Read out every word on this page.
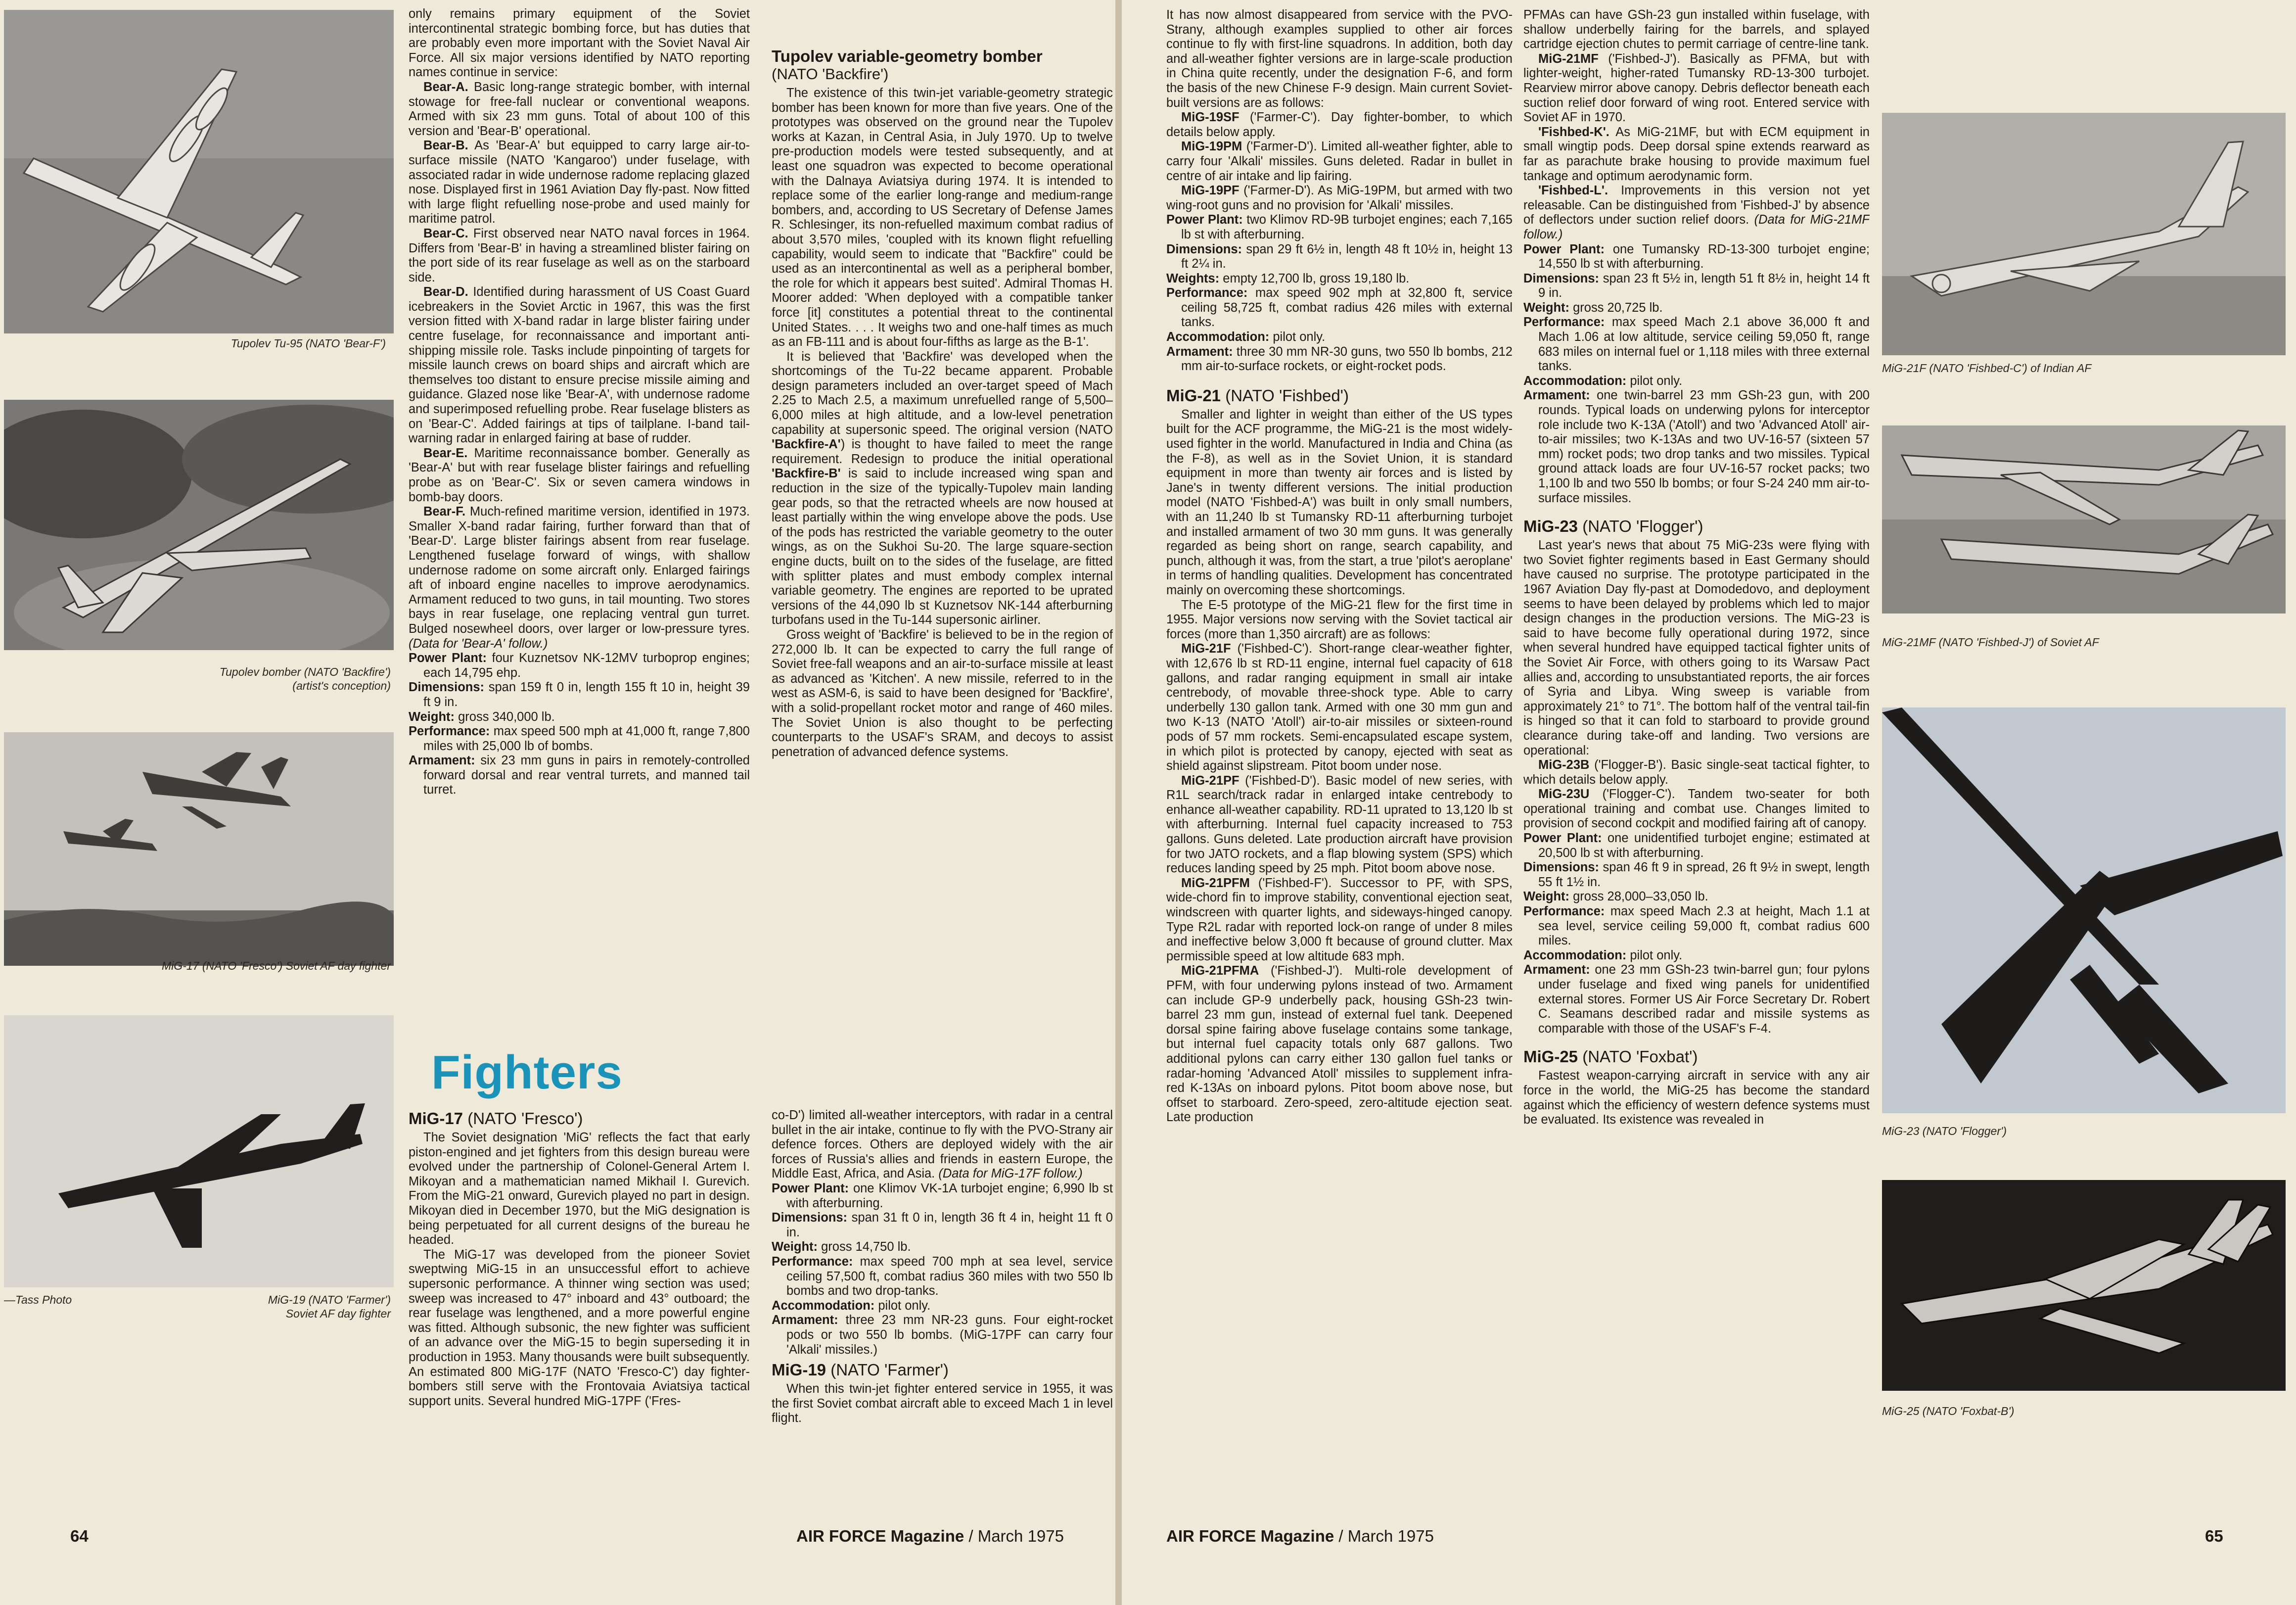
Tupolev Tu-95 (NATO 'Bear-F')
Tupolev bomber (NATO 'Backfire')
(artist's conception)
MiG-17 (NATO 'Fresco') Soviet AF day fighter
—Tass Photo	MiG-19 (NATO 'Farmer')
Soviet AF day fighter

only remains primary equipment of the Soviet intercontinental strategic bombing force, but has duties that are probably even more important with the Soviet Naval Air Force. All six major versions identified by NATO reporting names continue in service:

Bear-A. Basic long-range strategic bomber, with internal stowage for free-fall nuclear or conventional weapons. Armed with six 23 mm guns. Total of about 100 of this version and 'Bear-B' operational.

Bear-B. As 'Bear-A' but equipped to carry large air-to-surface missile (NATO 'Kangaroo') under fuselage, with associated radar in wide undernose radome replacing glazed nose. Displayed first in 1961 Aviation Day fly-past. Now fitted with large flight refuelling nose-probe and used mainly for maritime patrol.

Bear-C. First observed near NATO naval forces in 1964. Differs from 'Bear-B' in having a streamlined blister fairing on the port side of its rear fuselage as well as on the starboard side.

Bear-D. Identified during harassment of US Coast Guard icebreakers in the Soviet Arctic in 1967, this was the first version fitted with X-band radar in large blister fairing under centre fuselage, for reconnaissance and important anti-shipping missile role. Tasks include pinpointing of targets for missile launch crews on board ships and aircraft which are themselves too distant to ensure precise missile aiming and guidance. Glazed nose like 'Bear-A', with undernose radome and superimposed refuelling probe. Rear fuselage blisters as on 'Bear-C'. Added fairings at tips of tailplane. I-band tail-warning radar in enlarged fairing at base of rudder.

Bear-E. Maritime reconnaissance bomber. Generally as 'Bear-A' but with rear fuselage blister fairings and refuelling probe as on 'Bear-C'. Six or seven camera windows in bomb-bay doors.

Bear-F. Much-refined maritime version, identified in 1973. Smaller X-band radar fairing, further forward than that of 'Bear-D'. Large blister fairings absent from rear fuselage. Lengthened fuselage forward of wings, with shallow undernose radome on some aircraft only. Enlarged fairings aft of inboard engine nacelles to improve aerodynamics. Armament reduced to two guns, in tail mounting. Two stores bays in rear fuselage, one replacing ventral gun turret. Bulged nosewheel doors, over larger or low-pressure tyres. (Data for 'Bear-A' follow.)

Power Plant: four Kuznetsov NK-12MV turboprop engines; each 14,795 ehp.

Dimensions: span 159 ft 0 in, length 155 ft 10 in, height 39 ft 9 in.

Weight: gross 340,000 lb.

Performance: max speed 500 mph at 41,000 ft, range 7,800 miles with 25,000 lb of bombs.

Armament: six 23 mm guns in pairs in remotely-controlled forward dorsal and rear ventral turrets, and manned tail turret.

Fighters
MiG-17 (NATO 'Fresco')

The Soviet designation 'MiG' reflects the fact that early piston-engined and jet fighters from this design bureau were evolved under the partnership of Colonel-General Artem I. Mikoyan and a mathematician named Mikhail I. Gurevich. From the MiG-21 onward, Gurevich played no part in design. Mikoyan died in December 1970, but the MiG designation is being perpetuated for all current designs of the bureau he headed.

The MiG-17 was developed from the pioneer Soviet sweptwing MiG-15 in an unsuccessful effort to achieve supersonic performance. A thinner wing section was used; sweep was increased to 47° inboard and 43° outboard; the rear fuselage was lengthened, and a more powerful engine was fitted. Although subsonic, the new fighter was sufficient of an advance over the MiG-15 to begin superseding it in production in 1953. Many thousands were built subsequently. An estimated 800 MiG-17F (NATO 'Fresco-C') day fighter-bombers still serve with the Frontovaia Aviatsiya tactical support units. Several hundred MiG-17PF ('Fres-

Tupolev variable-geometry bomber
(NATO 'Backfire')

The existence of this twin-jet variable-geometry strategic bomber has been known for more than five years. One of the prototypes was observed on the ground near the Tupolev works at Kazan, in Central Asia, in July 1970. Up to twelve pre-production models were tested subsequently, and at least one squadron was expected to become operational with the Dalnaya Aviatsiya during 1974. It is intended to replace some of the earlier long-range and medium-range bombers, and, according to US Secretary of Defense James R. Schlesinger, its non-refuelled maximum combat radius of about 3,570 miles, 'coupled with its known flight refuelling capability, would seem to indicate that "Backfire" could be used as an intercontinental as well as a peripheral bomber, the role for which it appears best suited'. Admiral Thomas H. Moorer added: 'When deployed with a compatible tanker force [it] constitutes a potential threat to the continental United States. . . . It weighs two and one-half times as much as an FB-111 and is about four-fifths as large as the B-1'.

It is believed that 'Backfire' was developed when the shortcomings of the Tu-22 became apparent. Probable design parameters included an over-target speed of Mach 2.25 to Mach 2.5, a maximum unrefuelled range of 5,500–6,000 miles at high altitude, and a low-level penetration capability at supersonic speed. The original version (NATO 'Backfire-A') is thought to have failed to meet the range requirement. Redesign to produce the initial operational 'Backfire-B' is said to include increased wing span and reduction in the size of the typically-Tupolev main landing gear pods, so that the retracted wheels are now housed at least partially within the wing envelope above the pods. Use of the pods has restricted the variable geometry to the outer wings, as on the Sukhoi Su-20. The large square-section engine ducts, built on to the sides of the fuselage, are fitted with splitter plates and must embody complex internal variable geometry. The engines are reported to be uprated versions of the 44,090 lb st Kuznetsov NK-144 afterburning turbofans used in the Tu-144 supersonic airliner.

Gross weight of 'Backfire' is believed to be in the region of 272,000 lb. It can be expected to carry the full range of Soviet free-fall weapons and an air-to-surface missile at least as advanced as 'Kitchen'. A new missile, referred to in the west as ASM-6, is said to have been designed for 'Backfire', with a solid-propellant rocket motor and range of 460 miles. The Soviet Union is also thought to be perfecting counterparts to the USAF's SRAM, and decoys to assist penetration of advanced defence systems.

co-D') limited all-weather interceptors, with radar in a central bullet in the air intake, continue to fly with the PVO-Strany air defence forces. Others are deployed widely with the air forces of Russia's allies and friends in eastern Europe, the Middle East, Africa, and Asia. (Data for MiG-17F follow.)

Power Plant: one Klimov VK-1A turbojet engine; 6,990 lb st with afterburning.

Dimensions: span 31 ft 0 in, length 36 ft 4 in, height 11 ft 0 in.

Weight: gross 14,750 lb.

Performance: max speed 700 mph at sea level, service ceiling 57,500 ft, combat radius 360 miles with two 550 lb bombs and two drop-tanks.

Accommodation: pilot only.

Armament: three 23 mm NR-23 guns. Four eight-rocket pods or two 550 lb bombs. (MiG-17PF can carry four 'Alkali' missiles.)

MiG-19 (NATO 'Farmer')

When this twin-jet fighter entered service in 1955, it was the first Soviet combat aircraft able to exceed Mach 1 in level flight.

64	AIR FORCE Magazine / March 1975

It has now almost disappeared from service with the PVO-Strany, although examples supplied to other air forces continue to fly with first-line squadrons. In addition, both day and all-weather fighter versions are in large-scale production in China quite recently, under the designation F-6, and form the basis of the new Chinese F-9 design. Main current Soviet-built versions are as follows:

MiG-19SF ('Farmer-C'). Day fighter-bomber, to which details below apply.

MiG-19PM ('Farmer-D'). Limited all-weather fighter, able to carry four 'Alkali' missiles. Guns deleted. Radar in bullet in centre of air intake and lip fairing.

MiG-19PF ('Farmer-D'). As MiG-19PM, but armed with two wing-root guns and no provision for 'Alkali' missiles.

Power Plant: two Klimov RD-9B turbojet engines; each 7,165 lb st with afterburning.

Dimensions: span 29 ft 6½ in, length 48 ft 10½ in, height 13 ft 2¼ in.

Weights: empty 12,700 lb, gross 19,180 lb.

Performance: max speed 902 mph at 32,800 ft, service ceiling 58,725 ft, combat radius 426 miles with external tanks.

Accommodation: pilot only.

Armament: three 30 mm NR-30 guns, two 550 lb bombs, 212 mm air-to-surface rockets, or eight-rocket pods.

MiG-21 (NATO 'Fishbed')

Smaller and lighter in weight than either of the US types built for the ACF programme, the MiG-21 is the most widely-used fighter in the world. Manufactured in India and China (as the F-8), as well as in the Soviet Union, it is standard equipment in more than twenty air forces and is listed by Jane's in twenty different versions. The initial production model (NATO 'Fishbed-A') was built in only small numbers, with an 11,240 lb st Tumansky RD-11 afterburning turbojet and installed armament of two 30 mm guns. It was generally regarded as being short on range, search capability, and punch, although it was, from the start, a true 'pilot's aeroplane' in terms of handling qualities. Development has concentrated mainly on overcoming these shortcomings.

The E-5 prototype of the MiG-21 flew for the first time in 1955. Major versions now serving with the Soviet tactical air forces (more than 1,350 aircraft) are as follows:

MiG-21F ('Fishbed-C'). Short-range clear-weather fighter, with 12,676 lb st RD-11 engine, internal fuel capacity of 618 gallons, and radar ranging equipment in small air intake centrebody, of movable three-shock type. Able to carry underbelly 130 gallon tank. Armed with one 30 mm gun and two K-13 (NATO 'Atoll') air-to-air missiles or sixteen-round pods of 57 mm rockets. Semi-encapsulated escape system, in which pilot is protected by canopy, ejected with seat as shield against slipstream. Pitot boom under nose.

MiG-21PF ('Fishbed-D'). Basic model of new series, with R1L search/track radar in enlarged intake centrebody to enhance all-weather capability. RD-11 uprated to 13,120 lb st with afterburning. Internal fuel capacity increased to 753 gallons. Guns deleted. Late production aircraft have provision for two JATO rockets, and a flap blowing system (SPS) which reduces landing speed by 25 mph. Pitot boom above nose.

MiG-21PFM ('Fishbed-F'). Successor to PF, with SPS, wide-chord fin to improve stability, conventional ejection seat, windscreen with quarter lights, and sideways-hinged canopy. Type R2L radar with reported lock-on range of under 8 miles and ineffective below 3,000 ft because of ground clutter. Max permissible speed at low altitude 683 mph.

MiG-21PFMA ('Fishbed-J'). Multi-role development of PFM, with four underwing pylons instead of two. Armament can include GP-9 underbelly pack, housing GSh-23 twin-barrel 23 mm gun, instead of external fuel tank. Deepened dorsal spine fairing above fuselage contains some tankage, but internal fuel capacity totals only 687 gallons. Two additional pylons can carry either 130 gallon fuel tanks or radar-homing 'Advanced Atoll' missiles to supplement infra-red K-13As on inboard pylons. Pitot boom above nose, but offset to starboard. Zero-speed, zero-altitude ejection seat. Late production

PFMAs can have GSh-23 gun installed within fuselage, with shallow underbelly fairing for the barrels, and splayed cartridge ejection chutes to permit carriage of centre-line tank.

MiG-21MF ('Fishbed-J'). Basically as PFMA, but with lighter-weight, higher-rated Tumansky RD-13-300 turbojet. Rearview mirror above canopy. Debris deflector beneath each suction relief door forward of wing root. Entered service with Soviet AF in 1970.

'Fishbed-K'. As MiG-21MF, but with ECM equipment in small wingtip pods. Deep dorsal spine extends rearward as far as parachute brake housing to provide maximum fuel tankage and optimum aerodynamic form.

'Fishbed-L'. Improvements in this version not yet releasable. Can be distinguished from 'Fishbed-J' by absence of deflectors under suction relief doors. (Data for MiG-21MF follow.)

Power Plant: one Tumansky RD-13-300 turbojet engine; 14,550 lb st with afterburning.

Dimensions: span 23 ft 5½ in, length 51 ft 8½ in, height 14 ft 9 in.

Weight: gross 20,725 lb.

Performance: max speed Mach 2.1 above 36,000 ft and Mach 1.06 at low altitude, service ceiling 59,050 ft, range 683 miles on internal fuel or 1,118 miles with three external tanks.

Accommodation: pilot only.

Armament: one twin-barrel 23 mm GSh-23 gun, with 200 rounds. Typical loads on underwing pylons for interceptor role include two K-13A ('Atoll') and two 'Advanced Atoll' air-to-air missiles; two K-13As and two UV-16-57 (sixteen 57 mm) rocket pods; two drop tanks and two missiles. Typical ground attack loads are four UV-16-57 rocket packs; two 1,100 lb and two 550 lb bombs; or four S-24 240 mm air-to-surface missiles.

MiG-23 (NATO 'Flogger')

Last year's news that about 75 MiG-23s were flying with two Soviet fighter regiments based in East Germany should have caused no surprise. The prototype participated in the 1967 Aviation Day fly-past at Domodedovo, and deployment seems to have been delayed by problems which led to major design changes in the production versions. The MiG-23 is said to have become fully operational during 1972, since when several hundred have equipped tactical fighter units of the Soviet Air Force, with others going to its Warsaw Pact allies and, according to unsubstantiated reports, the air forces of Syria and Libya. Wing sweep is variable from approximately 21° to 71°. The bottom half of the ventral tail-fin is hinged so that it can fold to starboard to provide ground clearance during take-off and landing. Two versions are operational:

MiG-23B ('Flogger-B'). Basic single-seat tactical fighter, to which details below apply.

MiG-23U ('Flogger-C'). Tandem two-seater for both operational training and combat use. Changes limited to provision of second cockpit and modified fairing aft of canopy.

Power Plant: one unidentified turbojet engine; estimated at 20,500 lb st with afterburning.

Dimensions: span 46 ft 9 in spread, 26 ft 9½ in swept, length 55 ft 1½ in.

Weight: gross 28,000–33,050 lb.

Performance: max speed Mach 2.3 at height, Mach 1.1 at sea level, service ceiling 59,000 ft, combat radius 600 miles.

Accommodation: pilot only.

Armament: one 23 mm GSh-23 twin-barrel gun; four pylons under fuselage and fixed wing panels for unidentified external stores. Former US Air Force Secretary Dr. Robert C. Seamans described radar and missile systems as comparable with those of the USAF's F-4.

MiG-25 (NATO 'Foxbat')

Fastest weapon-carrying aircraft in service with any air force in the world, the MiG-25 has become the standard against which the efficiency of western defence systems must be evaluated. Its existence was revealed in

MiG-21F (NATO 'Fishbed-C') of Indian AF
MiG-21MF (NATO 'Fishbed-J') of Soviet AF
MiG-23 (NATO 'Flogger')
MiG-25 (NATO 'Foxbat-B')
AIR FORCE Magazine / March 1975	65
